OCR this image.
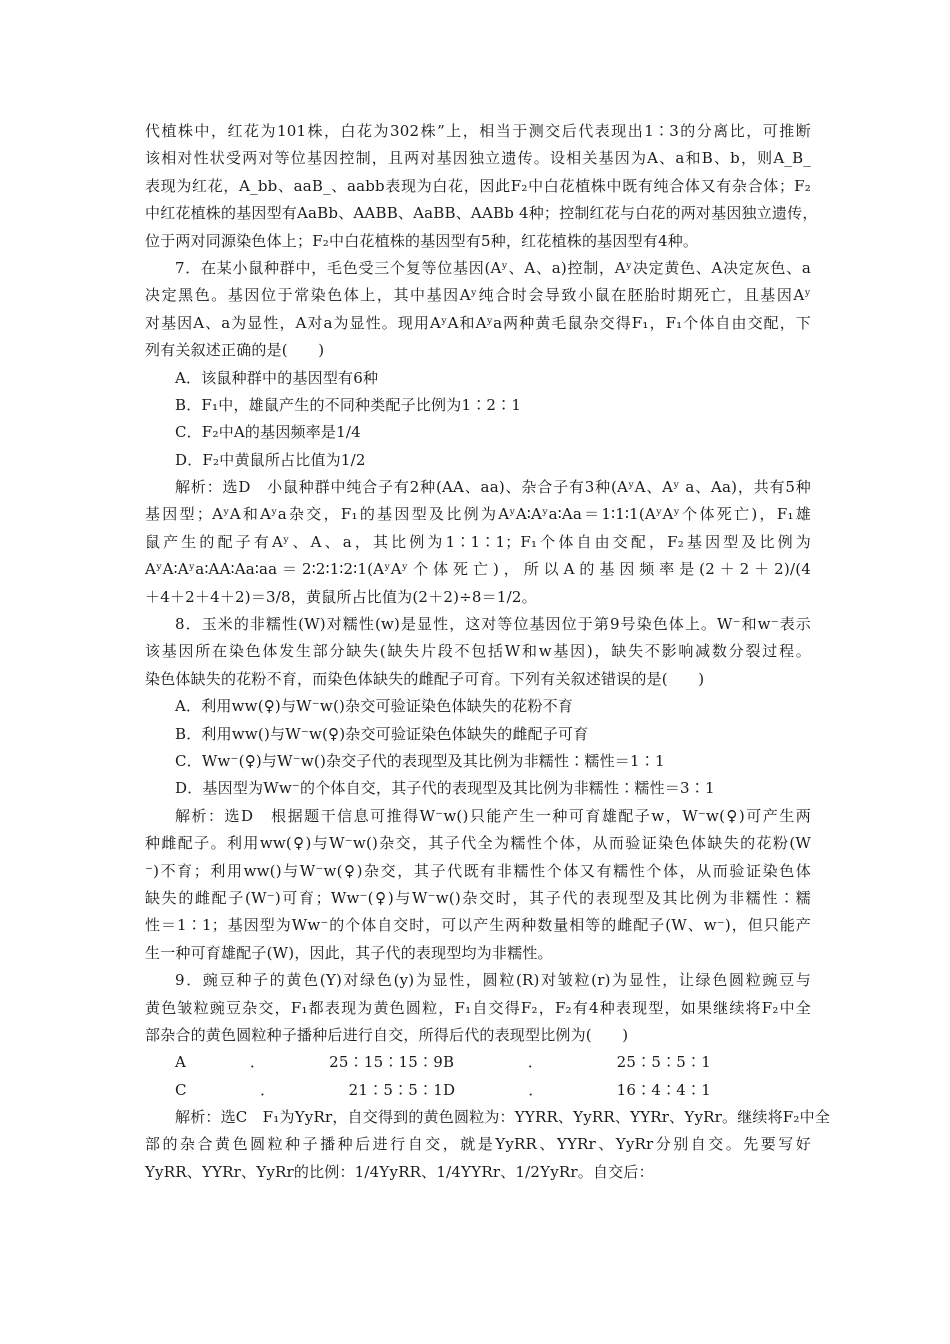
代植株中，红花为101株，白花为302株”上，相当于测交后代表现出1∶3的分离比，可推断
该相对性状受两对等位基因控制，且两对基因独立遗传。设相关基因为A、a和B、b，则A_B_
表现为红花，A_bb、aaB_、aabb表现为白花，因此F₂中白花植株中既有纯合体又有杂合体；F₂
中红花植株的基因型有AaBb、AABB、AaBB、AABb 4种；控制红花与白花的两对基因独立遗传，
位于两对同源染色体上；F₂中白花植株的基因型有5种，红花植株的基因型有4种。
7．在某小鼠种群中，毛色受三个复等位基因(Aʸ、A、a)控制，Aʸ决定黄色、A决定灰色、a
决定黑色。基因位于常染色体上，其中基因Aʸ纯合时会导致小鼠在胚胎时期死亡，且基因Aʸ
对基因A、a为显性，A对a为显性。现用AʸA和Aʸa两种黄毛鼠杂交得F₁，F₁个体自由交配，下
列有关叙述正确的是(　　)
A．该鼠种群中的基因型有6种
B．F₁中，雄鼠产生的不同种类配子比例为1∶2∶1
C．F₂中A的基因频率是1/4
D．F₂中黄鼠所占比值为1/2
解析：选D　小鼠种群中纯合子有2种(AA、aa)、杂合子有3种(AʸA、Aʸ a、Aa)，共有5种
基因型；AʸA和Aʸa杂交，F₁的基因型及比例为AʸA∶Aʸa∶Aa＝1∶1∶1(AʸAʸ个体死亡)，F₁雄
鼠产生的配子有Aʸ、A、a，其比例为1∶1∶1；F₁个体自由交配，F₂基因型及比例为
AʸA∶Aʸa∶AA∶Aa∶aa＝2∶2∶1∶2∶1(AʸAʸ个体死亡)，所以A的基因频率是(2＋2＋2)/(4
＋4＋2＋4＋2)＝3/8，黄鼠所占比值为(2＋2)÷8＝1/2。
8．玉米的非糯性(W)对糯性(w)是显性，这对等位基因位于第9号染色体上。W⁻和w⁻表示
该基因所在染色体发生部分缺失(缺失片段不包括W和w基因)，缺失不影响减数分裂过程。
染色体缺失的花粉不育，而染色体缺失的雌配子可育。下列有关叙述错误的是(　　)
A．利用ww(♀)与W⁻w()杂交可验证染色体缺失的花粉不育
B．利用ww()与W⁻w(♀)杂交可验证染色体缺失的雌配子可育
C．Ww⁻(♀)与W⁻w()杂交子代的表现型及其比例为非糯性∶糯性＝1∶1
D．基因型为Ww⁻的个体自交，其子代的表现型及其比例为非糯性∶糯性＝3∶1
解析：选D　根据题干信息可推得W⁻w()只能产生一种可育雄配子w，W⁻w(♀)可产生两
种雌配子。利用ww(♀)与W⁻w()杂交，其子代全为糯性个体，从而验证染色体缺失的花粉(W
⁻)不育；利用ww()与W⁻w(♀)杂交，其子代既有非糯性个体又有糯性个体，从而验证染色体
缺失的雌配子(W⁻)可育；Ww⁻(♀)与W⁻w()杂交时，其子代的表现型及其比例为非糯性∶糯
性＝1∶1；基因型为Ww⁻的个体自交时，可以产生两种数量相等的雌配子(W、w⁻)，但只能产
生一种可育雄配子(W)，因此，其子代的表现型均为非糯性。
9．豌豆种子的黄色(Y)对绿色(y)为显性，圆粒(R)对皱粒(r)为显性，让绿色圆粒豌豆与
黄色皱粒豌豆杂交，F₁都表现为黄色圆粒，F₁自交得F₂，F₂有4种表现型，如果继续将F₂中全
部杂合的黄色圆粒种子播种后进行自交，所得后代的表现型比例为(　　)
A．25∶15∶15∶9 B．25∶5∶5∶1
C．21∶5∶5∶1 D．16∶4∶4∶1
解析：选C　F₁为YyRr，自交得到的黄色圆粒为：YYRR、YyRR、YYRr、YyRr。继续将F₂中全
部的杂合黄色圆粒种子播种后进行自交，就是YyRR、YYRr、YyRr分别自交。先要写好
YyRR、YYRr、YyRr的比例：1/4YyRR、1/4YYRr、1/2YyRr。自交后：
